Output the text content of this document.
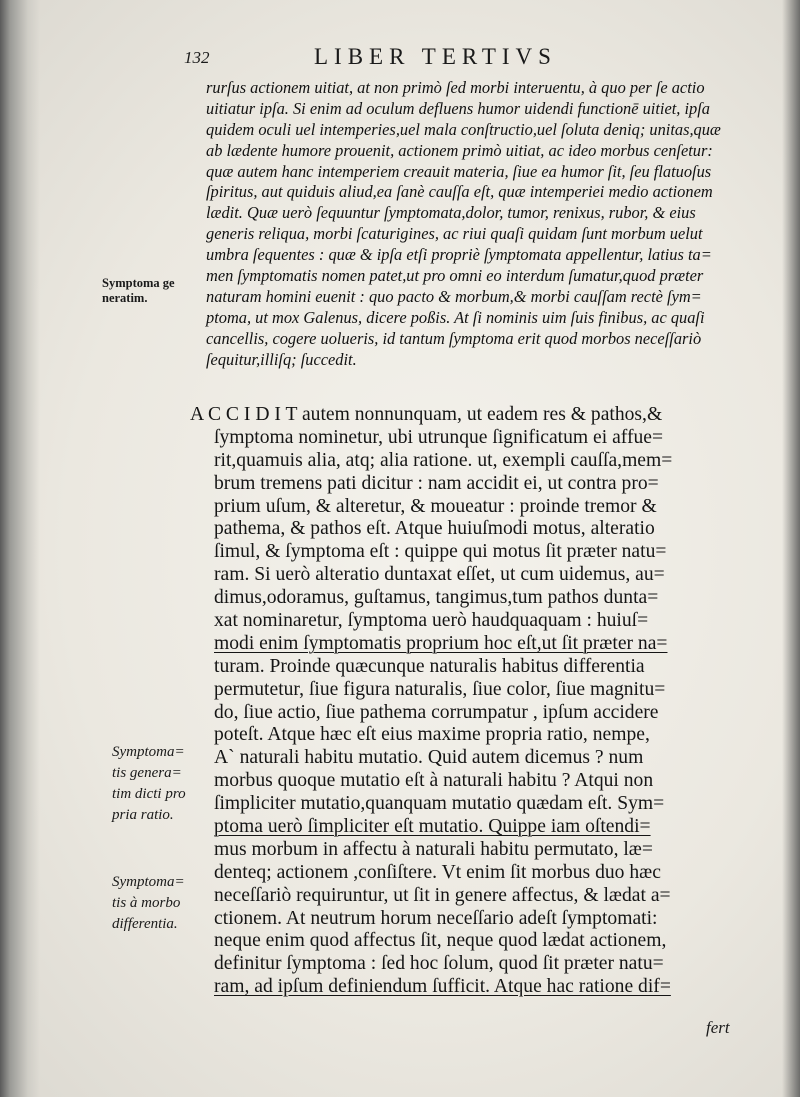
132	LIBER TERTIVS
rurſus actionem uitiat, at non primò ſed morbi interuentu, à quo per ſe actio
uitiatur ipſa. Si enim ad oculum defluens humor uidendi functionē uitiet, ipſa
quidem oculi uel intemperies,uel mala conſtructio,uel ſoluta deniq; unitas,quæ
ab lædente humore prouenit, actionem primò uitiat, ac ideo morbus cenſetur:
quæ autem hanc intemperiem creauit materia, ſiue ea humor ſit, ſeu flatuoſus
ſpiritus, aut quiduis aliud,ea ſanè cauſſa eſt, quæ intemperiei medio actionem
lædit. Quæ uerò ſequuntur ſymptomata,dolor, tumor, renixus, rubor, & eius
generis reliqua, morbi ſcaturigines, ac riui quaſi quidam ſunt morbum uelut
umbra ſequentes : quæ & ipſa etſi propriè ſymptomata appellentur, latius ta=
men ſymptomatis nomen patet,ut pro omni eo interdum ſumatur,quod præter
naturam homini euenit : quo pacto & morbum,& morbi cauſſam rectè ſym=
ptoma, ut mox Galenus, dicere poßis. At ſi nominis uim ſuis finibus, ac quaſi
cancellis, cogere uolueris, id tantum ſymptoma erit quod morbos neceſſariò
ſequitur,illiſq; ſuccedit.
A C C I D I T autem nonnunquam, ut eadem res & pathos,&
ſymptoma nominetur, ubi utrunque ſignificatum ei affue=
rit,quamuis alia, atq; alia ratione. ut, exempli cauſſa,mem=
brum tremens pati dicitur : nam accidit ei, ut contra pro=
prium uſum, & alteretur, & moueatur : proinde tremor &
pathema, & pathos eſt. Atque huiuſmodi motus, alteratio
ſimul, & ſymptoma eſt : quippe qui motus ſit præter natu=
ram. Si uerò alteratio duntaxat eſſet, ut cum uidemus, au=
dimus,odoramus, guſtamus, tangimus,tum pathos dunta=
xat nominaretur, ſymptoma uerò haudquaquam : huiuſ=
modi enim ſymptomatis proprium hoc eſt,ut ſit præter na=
turam. Proinde quæcunque naturalis habitus differentia
permutetur, ſiue figura naturalis, ſiue color, ſiue magnitu=
do, ſiue actio, ſiue pathema corrumpatur , ipſum accidere
poteſt. Atque hæc eſt eius maxime propria ratio, nempe,
A` naturali habitu mutatio. Quid autem dicemus ? num
morbus quoque mutatio eſt à naturali habitu ? Atqui non
ſimpliciter mutatio,quanquam mutatio quædam eſt. Sym=
ptoma uerò ſimpliciter eſt mutatio. Quippe iam oſtendi=
mus morbum in affectu à naturali habitu permutato, læ=
denteq; actionem ,conſiſtere. Vt enim ſit morbus duo hæc
neceſſariò requiruntur, ut ſit in genere affectus, & lædat a=
ctionem. At neutrum horum neceſſario adeſt ſymptomati:
neque enim quod affectus ſit, neque quod lædat actionem,
definitur ſymptoma : ſed hoc ſolum, quod ſit præter natu=
ram, ad ipſum definiendum ſufficit. Atque hac ratione dif=
Symptoma ge
neratim.
Symptoma=
tis genera=
tim dicti pro
pria ratio.
Symptoma=
tis à morbo
differentia.
fert
